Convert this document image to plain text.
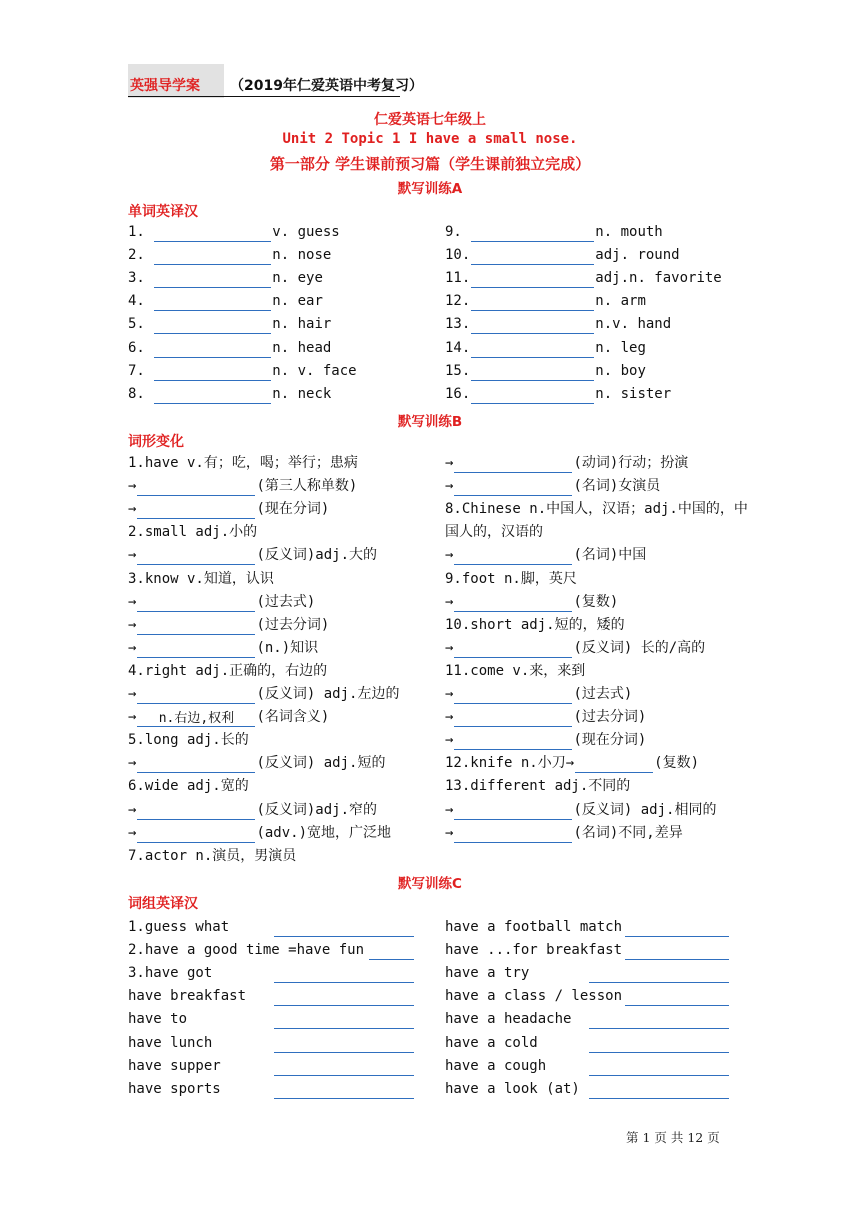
英强导学案 （2019年仁爱英语中考复习）
仁爱英语七年级上
Unit 2 Topic 1 I have a small nose.
第一部分 学生课前预习篇（学生课前独立完成）
默写训练A
单词英译汉
1.	v. guess
2.	n. nose
3.	n. eye
4.	n. ear
5.	n. hair
6.	n. head
7.	n. v. face
8.	n. neck
9.	n. mouth
10.	adj. round
11.	adj.n. favorite
12.	n. arm
13.	n.v. hand
14.	n. leg
15.	n. boy
16.	n. sister
默写训练B
词形变化
1.have v.有；吃，喝；举行；患病
→	(第三人称单数)
→	(现在分词)
2.small adj.小的
→	(反义词)adj.大的
3.know v.知道，认识
→	(过去式)
→	(过去分词)
→	(n.)知识
4.right adj.正确的，右边的
→	(反义词) adj.左边的
→ n.右边,权利 (名词含义)
5.long adj.长的
→	(反义词) adj.短的
6.wide adj.宽的
→	(反义词)adj.窄的
→	(adv.)宽地，广泛地
7.actor n.演员，男演员
→	(动词)行动；扮演
→	(名词)女演员
8.Chinese n.中国人，汉语；adj.中国的，中
国人的，汉语的
→	(名词)中国
9.foot n.脚，英尺
→	(复数)
10.short adj.短的，矮的
→	(反义词) 长的/高的
11.come v.来，来到
→	(过去式)
→	(过去分词)
→	(现在分词)
12.knife n.小刀→	(复数)
13.different adj.不同的
→	(反义词) adj.相同的
→	(名词)不同,差异
默写训练C
词组英译汉
1.guess what
2.have a good time =have fun
3.have got
have breakfast
have to
have lunch
have supper
have sports
have a football match
have ...for breakfast
have a try
have a class / lesson
have a headache
have a cold
have a cough
have a look (at)
第 1 页 共 12 页
